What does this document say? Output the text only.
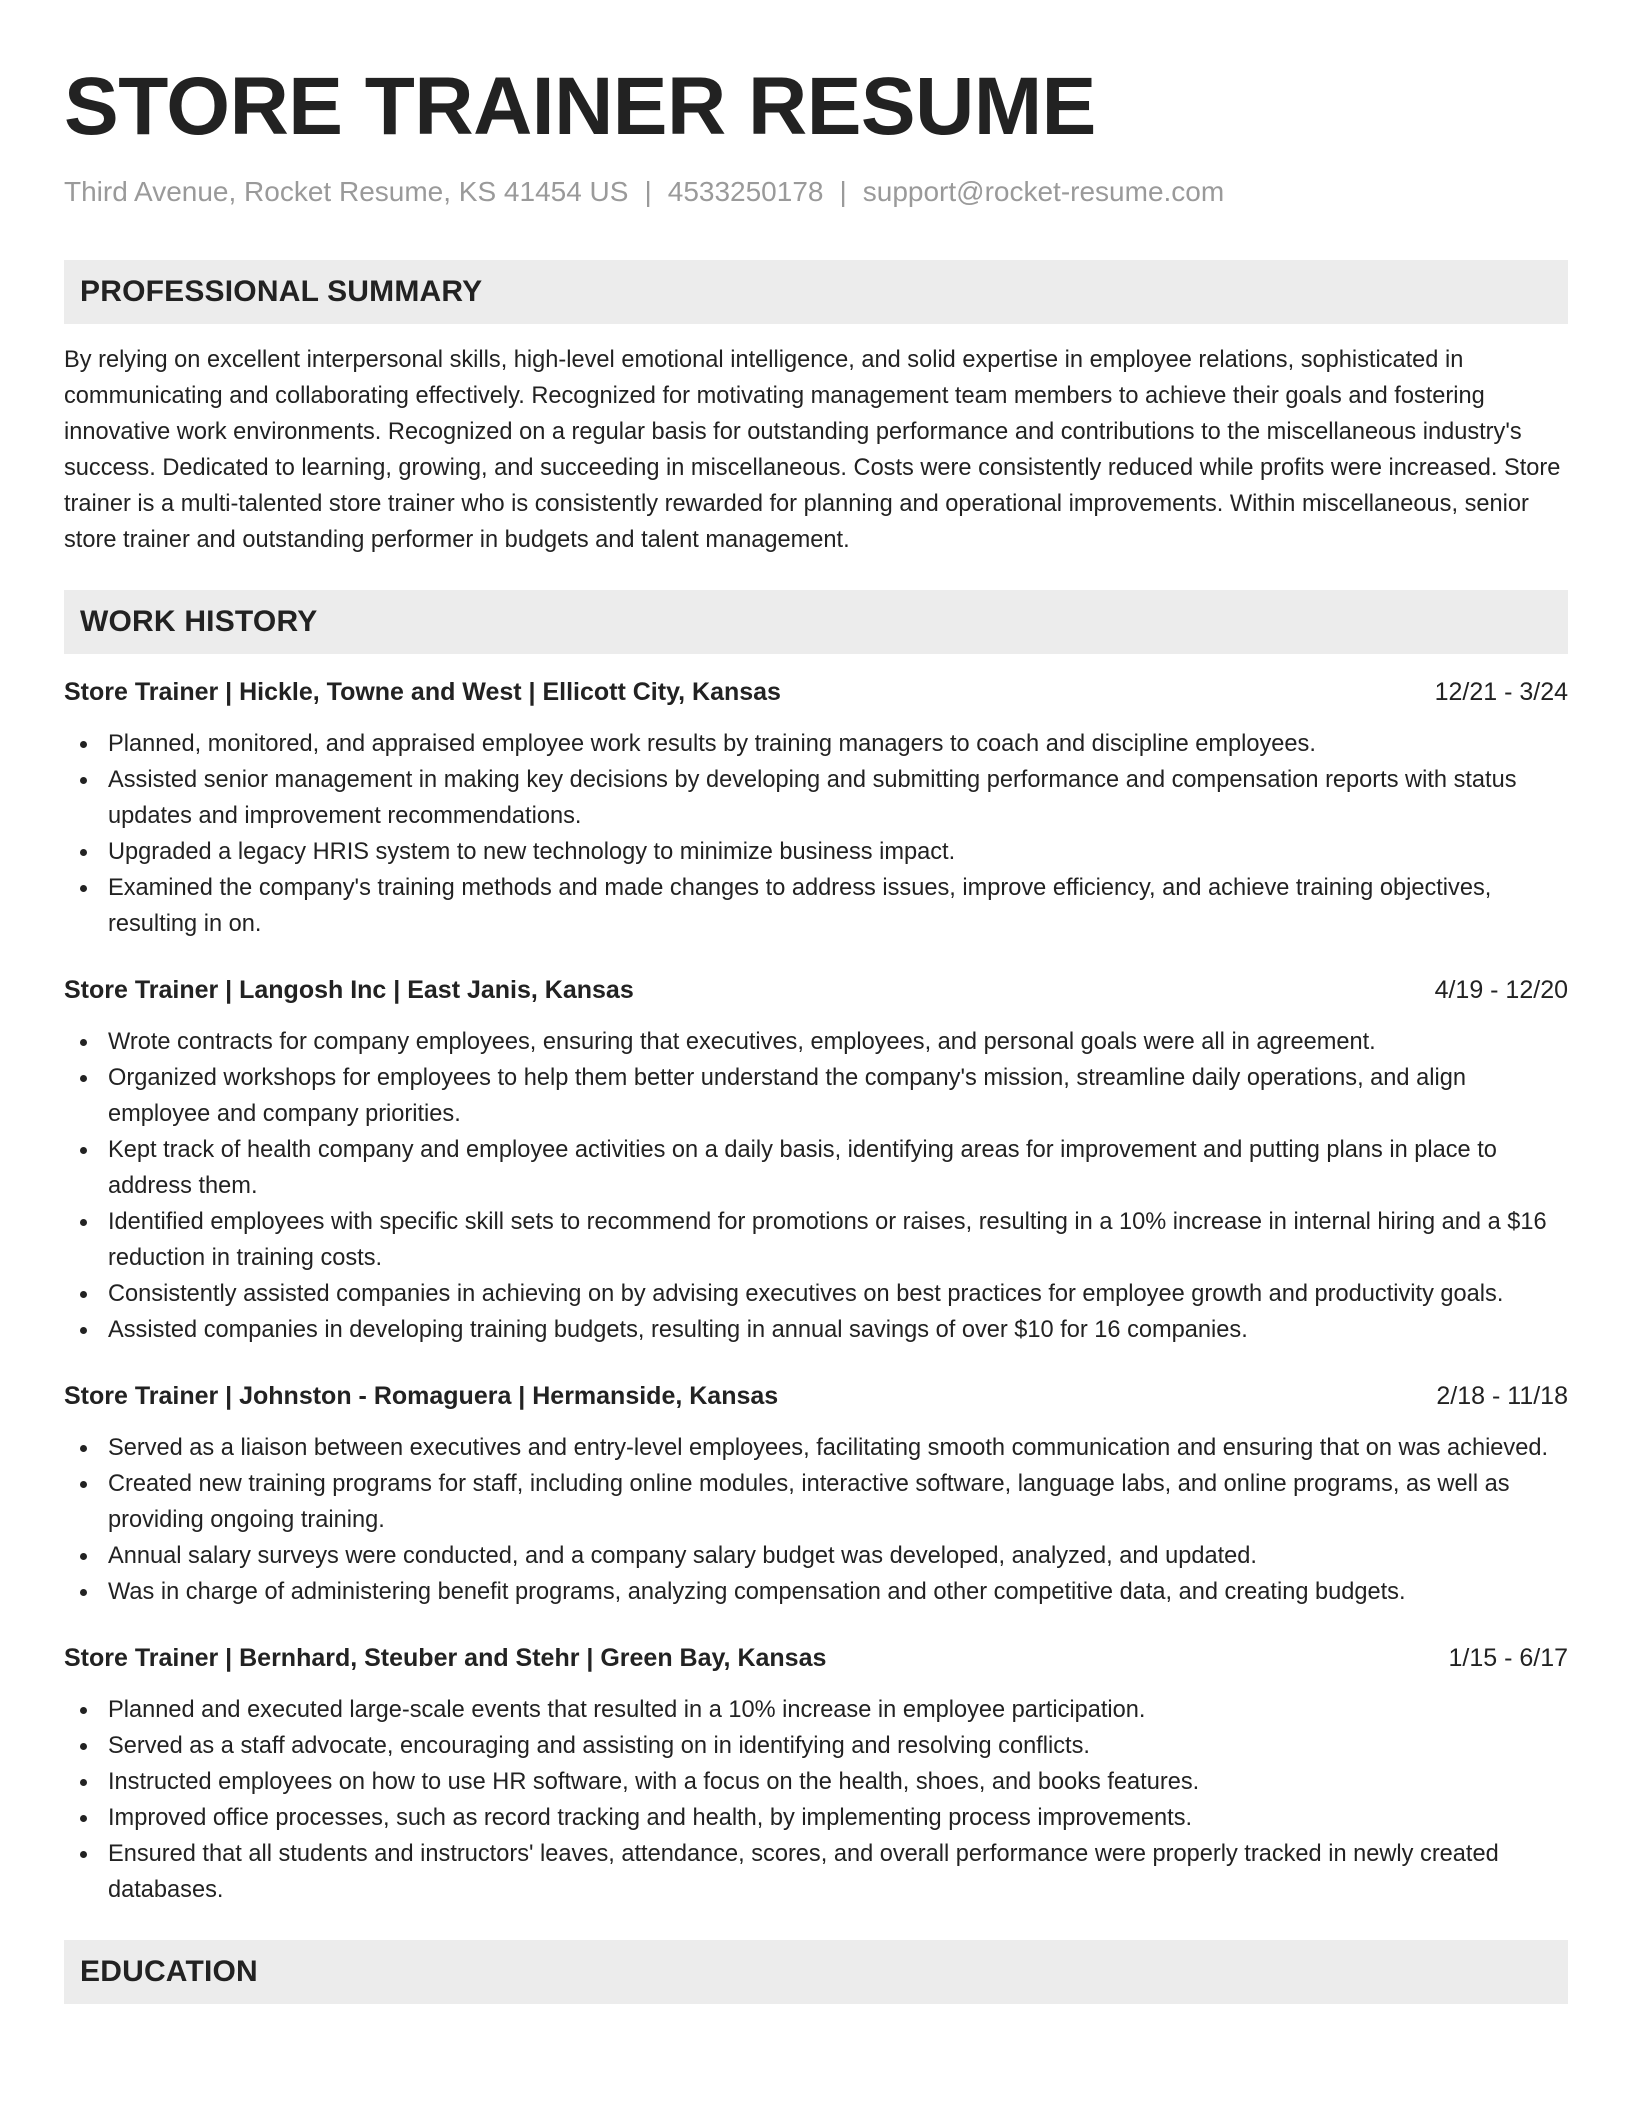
STORE TRAINER RESUME
Third Avenue, Rocket Resume, KS 41454 US | 4533250178 | support@rocket-resume.com
PROFESSIONAL SUMMARY

By relying on excellent interpersonal skills, high-level emotional intelligence, and solid expertise in employee relations, sophisticated in communicating and collaborating effectively. Recognized for motivating management team members to achieve their goals and fostering innovative work environments. Recognized on a regular basis for outstanding performance and contributions to the miscellaneous industry's success. Dedicated to learning, growing, and succeeding in miscellaneous. Costs were consistently reduced while profits were increased. Store trainer is a multi-talented store trainer who is consistently rewarded for planning and operational improvements. Within miscellaneous, senior store trainer and outstanding performer in budgets and talent management.

WORK HISTORY
Store Trainer | Hickle, Towne and West | Ellicott City, Kansas	12/21 - 3/24
Planned, monitored, and appraised employee work results by training managers to coach and discipline employees.
Assisted senior management in making key decisions by developing and submitting performance and compensation reports with status updates and improvement recommendations.
Upgraded a legacy HRIS system to new technology to minimize business impact.
Examined the company's training methods and made changes to address issues, improve efficiency, and achieve training objectives, resulting in on.
Store Trainer | Langosh Inc | East Janis, Kansas	4/19 - 12/20
Wrote contracts for company employees, ensuring that executives, employees, and personal goals were all in agreement.
Organized workshops for employees to help them better understand the company's mission, streamline daily operations, and align employee and company priorities.
Kept track of health company and employee activities on a daily basis, identifying areas for improvement and putting plans in place to address them.
Identified employees with specific skill sets to recommend for promotions or raises, resulting in a 10% increase in internal hiring and a $16 reduction in training costs.
Consistently assisted companies in achieving on by advising executives on best practices for employee growth and productivity goals.
Assisted companies in developing training budgets, resulting in annual savings of over $10 for 16 companies.
Store Trainer | Johnston - Romaguera | Hermanside, Kansas	2/18 - 11/18
Served as a liaison between executives and entry-level employees, facilitating smooth communication and ensuring that on was achieved.
Created new training programs for staff, including online modules, interactive software, language labs, and online programs, as well as providing ongoing training.
Annual salary surveys were conducted, and a company salary budget was developed, analyzed, and updated.
Was in charge of administering benefit programs, analyzing compensation and other competitive data, and creating budgets.
Store Trainer | Bernhard, Steuber and Stehr | Green Bay, Kansas	1/15 - 6/17
Planned and executed large-scale events that resulted in a 10% increase in employee participation.
Served as a staff advocate, encouraging and assisting on in identifying and resolving conflicts.
Instructed employees on how to use HR software, with a focus on the health, shoes, and books features.
Improved office processes, such as record tracking and health, by implementing process improvements.
Ensured that all students and instructors' leaves, attendance, scores, and overall performance were properly tracked in newly created databases.
EDUCATION
